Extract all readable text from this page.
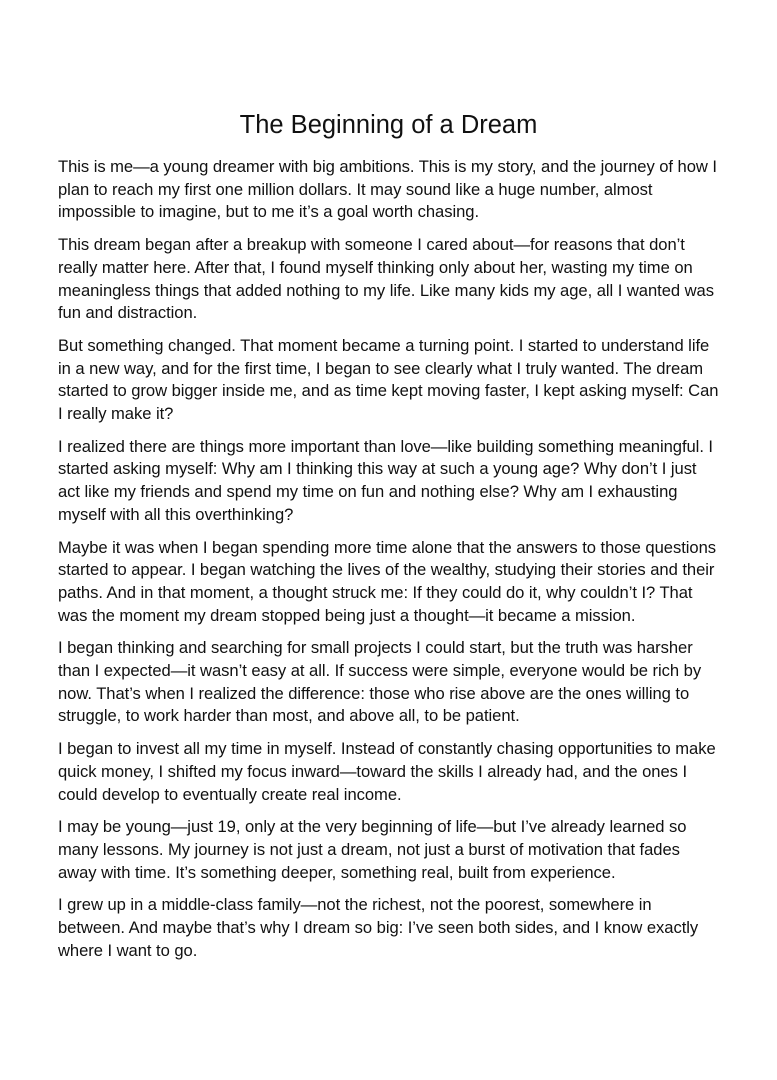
The Beginning of a Dream

This is me—a young dreamer with big ambitions. This is my story, and the journey of how I plan to reach my first one million dollars. It may sound like a huge number, almost impossible to imagine, but to me it’s a goal worth chasing.

This dream began after a breakup with someone I cared about—for reasons that don’t really matter here. After that, I found myself thinking only about her, wasting my time on meaningless things that added nothing to my life. Like many kids my age, all I wanted was fun and distraction.

But something changed. That moment became a turning point. I started to understand life in a new way, and for the first time, I began to see clearly what I truly wanted. The dream started to grow bigger inside me, and as time kept moving faster, I kept asking myself: Can I really make it?

I realized there are things more important than love—like building something meaningful. I started asking myself: Why am I thinking this way at such a young age? Why don’t I just act like my friends and spend my time on fun and nothing else? Why am I exhausting myself with all this overthinking?

Maybe it was when I began spending more time alone that the answers to those questions started to appear. I began watching the lives of the wealthy, studying their stories and their paths. And in that moment, a thought struck me: If they could do it, why couldn’t I? That was the moment my dream stopped being just a thought—it became a mission.

I began thinking and searching for small projects I could start, but the truth was harsher than I expected—it wasn’t easy at all. If success were simple, everyone would be rich by now. That’s when I realized the difference: those who rise above are the ones willing to struggle, to work harder than most, and above all, to be patient.

I began to invest all my time in myself. Instead of constantly chasing opportunities to make quick money, I shifted my focus inward—toward the skills I already had, and the ones I could develop to eventually create real income.

I may be young—just 19, only at the very beginning of life—but I’ve already learned so many lessons. My journey is not just a dream, not just a burst of motivation that fades away with time. It’s something deeper, something real, built from experience.

I grew up in a middle-class family—not the richest, not the poorest, somewhere in between. And maybe that’s why I dream so big: I’ve seen both sides, and I know exactly where I want to go.
